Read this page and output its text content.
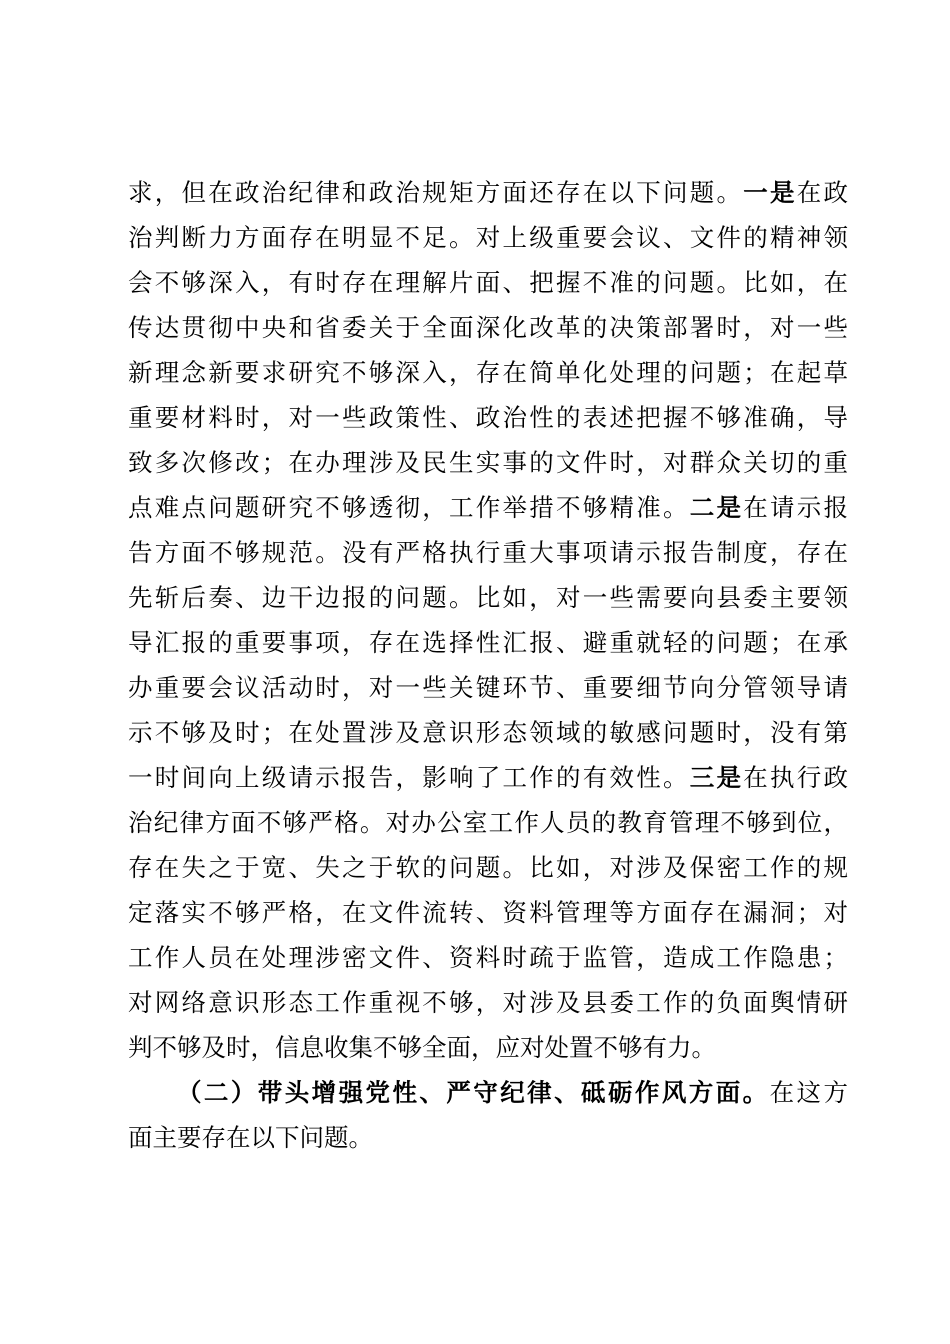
求，但在政治纪律和政治规矩方面还存在以下问题。一是在政
治判断力方面存在明显不足。对上级重要会议、文件的精神领
会不够深入，有时存在理解片面、把握不准的问题。比如，在
传达贯彻中央和省委关于全面深化改革的决策部署时，对一些
新理念新要求研究不够深入，存在简单化处理的问题；在起草
重要材料时，对一些政策性、政治性的表述把握不够准确，导
致多次修改；在办理涉及民生实事的文件时，对群众关切的重
点难点问题研究不够透彻，工作举措不够精准。二是在请示报
告方面不够规范。没有严格执行重大事项请示报告制度，存在
先斩后奏、边干边报的问题。比如，对一些需要向县委主要领
导汇报的重要事项，存在选择性汇报、避重就轻的问题；在承
办重要会议活动时，对一些关键环节、重要细节向分管领导请
示不够及时；在处置涉及意识形态领域的敏感问题时，没有第
一时间向上级请示报告，影响了工作的有效性。三是在执行政
治纪律方面不够严格。对办公室工作人员的教育管理不够到位，
存在失之于宽、失之于软的问题。比如，对涉及保密工作的规
定落实不够严格，在文件流转、资料管理等方面存在漏洞；对
工作人员在处理涉密文件、资料时疏于监管，造成工作隐患；
对网络意识形态工作重视不够，对涉及县委工作的负面舆情研
判不够及时，信息收集不够全面，应对处置不够有力。
（二）带头增强党性、严守纪律、砥砺作风方面。在这方
面主要存在以下问题。
